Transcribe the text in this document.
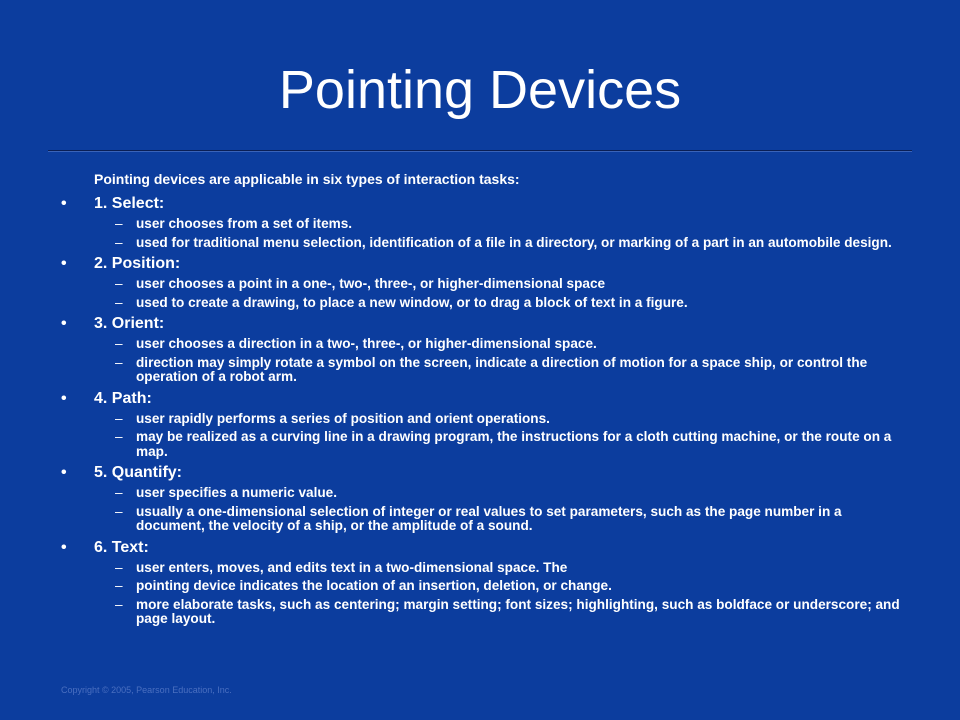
Pointing Devices
Pointing devices are applicable in six types of interaction tasks:
• 1. Select:
– user chooses from a set of items.
– used for traditional menu selection, identification of a file in a directory, or marking of a part in an automobile design.
• 2. Position:
– user chooses a point in a one-, two-, three-, or higher-dimensional space
– used to create a drawing, to place a new window, or to drag a block of text in a figure.
• 3. Orient:
– user chooses a direction in a two-, three-, or higher-dimensional space.
– direction may simply rotate a symbol on the screen, indicate a direction of motion for a space ship, or control the operation of a robot arm.
• 4. Path:
– user rapidly performs a series of position and orient operations.
– may be realized as a curving line in a drawing program, the instructions for a cloth cutting machine, or the route on a map.
• 5. Quantify:
– user specifies a numeric value.
– usually a one-dimensional selection of integer or real values to set parameters, such as the page number in a document, the velocity of a ship, or the amplitude of a sound.
• 6. Text:
– user enters, moves, and edits text in a two-dimensional space. The
– pointing device indicates the location of an insertion, deletion, or change.
– more elaborate tasks, such as centering; margin setting; font sizes; highlighting, such as boldface or underscore; and page layout.
Copyright © 2005, Pearson Education, Inc.
